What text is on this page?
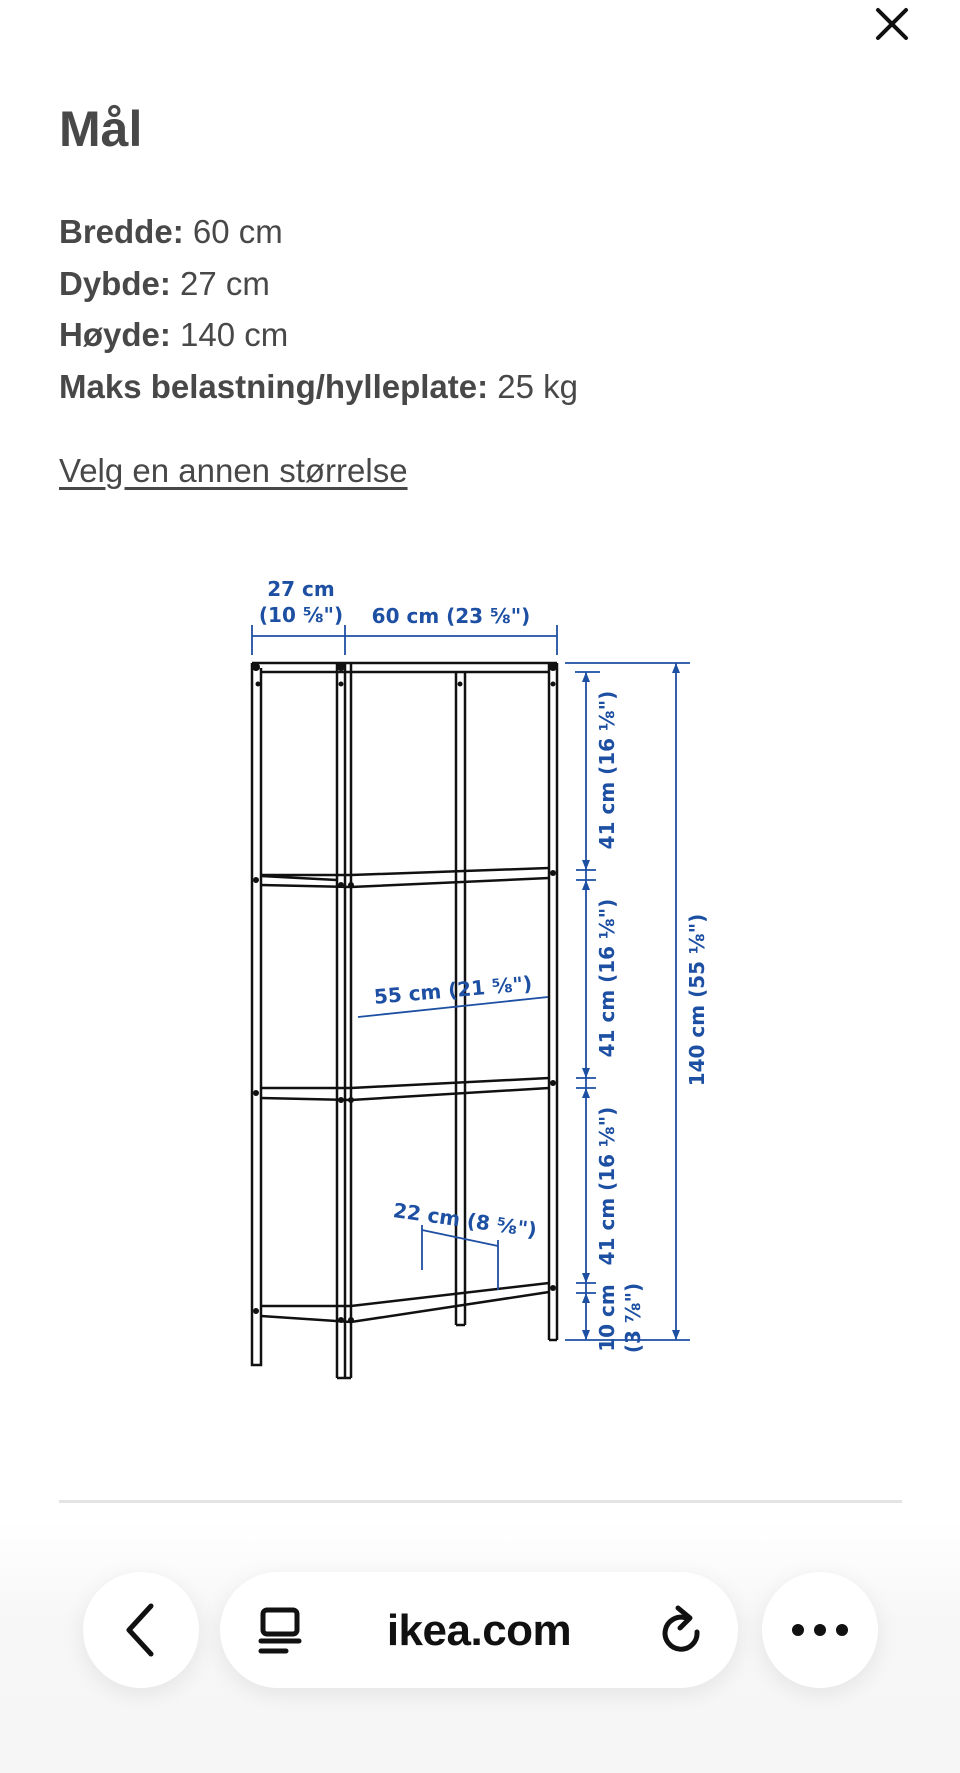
Mål
Bredde: 60 cm
Dybde: 27 cm
Høyde: 140 cm
Maks belastning/hylleplate: 25 kg
Velg en annen størrelse
27 cm
(10 ⅝") 60 cm (23 ⅝")
55 cm (21 ⅝")
22 cm (8 ⅝")
41 cm (16 ⅛")
41 cm (16 ⅛")
41 cm (16 ⅛")
10 cm (3 ⅞")
140 cm (55 ⅛")
ikea.com
